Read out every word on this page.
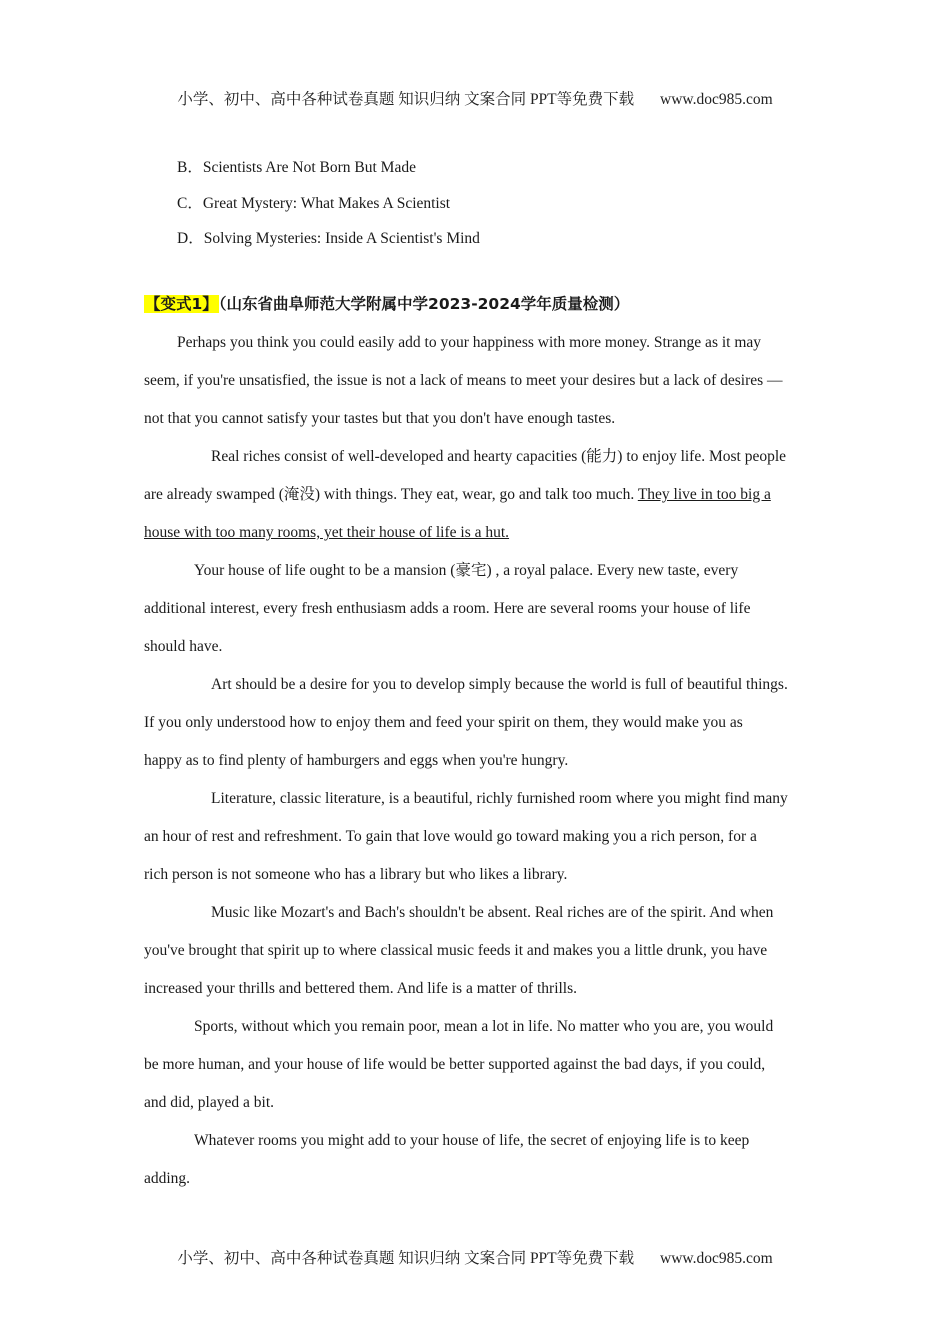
小学、初中、高中各种试卷真题 知识归纳 文案合同 PPT等免费下载 www.doc985.com
B．Scientists Are Not Born But Made
C．Great Mystery: What Makes A Scientist
D．Solving Mysteries: Inside A Scientist's Mind
【变式1】（山东省曲阜师范大学附属中学2023-2024学年质量检测）
Perhaps you think you could easily add to your happiness with more money. Strange as it may
seem, if you're unsatisfied, the issue is not a lack of means to meet your desires but a lack of desires —
not that you cannot satisfy your tastes but that you don't have enough tastes.
Real riches consist of well-developed and hearty capacities (能力) to enjoy life. Most people
are already swamped (淹没) with things. They eat, wear, go and talk too much. They live in too big a
house with too many rooms, yet their house of life is a hut.
Your house of life ought to be a mansion (豪宅) , a royal palace. Every new taste, every
additional interest, every fresh enthusiasm adds a room. Here are several rooms your house of life
should have.
Art should be a desire for you to develop simply because the world is full of beautiful things.
If you only understood how to enjoy them and feed your spirit on them, they would make you as
happy as to find plenty of hamburgers and eggs when you're hungry.
Literature, classic literature, is a beautiful, richly furnished room where you might find many
an hour of rest and refreshment. To gain that love would go toward making you a rich person, for a
rich person is not someone who has a library but who likes a library.
Music like Mozart's and Bach's shouldn't be absent. Real riches are of the spirit. And when
you've brought that spirit up to where classical music feeds it and makes you a little drunk, you have
increased your thrills and bettered them. And life is a matter of thrills.
Sports, without which you remain poor, mean a lot in life. No matter who you are, you would
be more human, and your house of life would be better supported against the bad days, if you could,
and did, played a bit.
Whatever rooms you might add to your house of life, the secret of enjoying life is to keep
adding.
小学、初中、高中各种试卷真题 知识归纳 文案合同 PPT等免费下载 www.doc985.com
